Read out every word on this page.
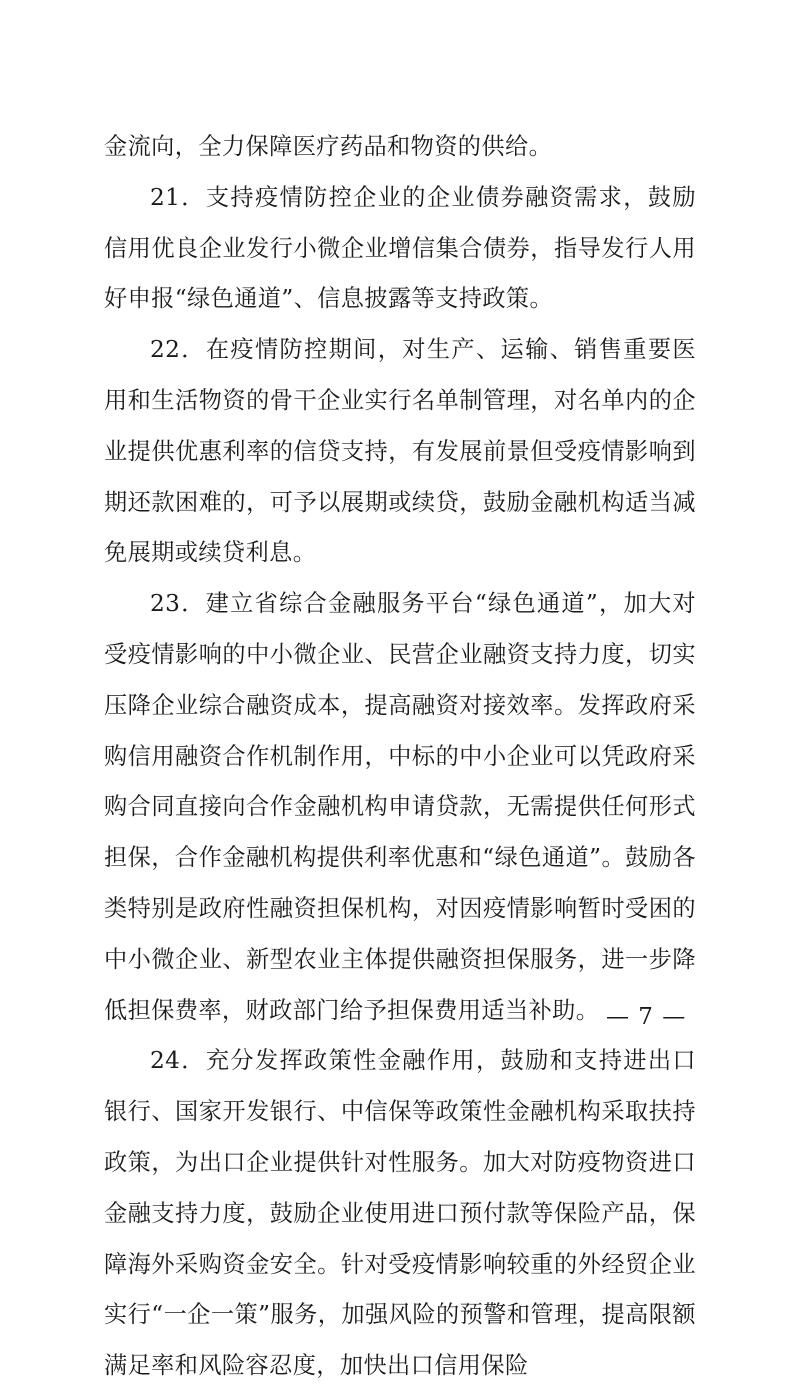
金流向，全力保障医疗药品和物资的供给。

21．支持疫情防控企业的企业债券融资需求，鼓励信用优良企业发行小微企业增信集合债券，指导发行人用好申报“绿色通道”、信息披露等支持政策。

22．在疫情防控期间，对生产、运输、销售重要医用和生活物资的骨干企业实行名单制管理，对名单内的企业提供优惠利率的信贷支持，有发展前景但受疫情影响到期还款困难的，可予以展期或续贷，鼓励金融机构适当减免展期或续贷利息。

23．建立省综合金融服务平台“绿色通道”，加大对受疫情影响的中小微企业、民营企业融资支持力度，切实压降企业综合融资成本，提高融资对接效率。发挥政府采购信用融资合作机制作用，中标的中小企业可以凭政府采购合同直接向合作金融机构申请贷款，无需提供任何形式担保，合作金融机构提供利率优惠和“绿色通道”。鼓励各类特别是政府性融资担保机构，对因疫情影响暂时受困的中小微企业、新型农业主体提供融资担保服务，进一步降低担保费率，财政部门给予担保费用适当补助。

24．充分发挥政策性金融作用，鼓励和支持进出口银行、国家开发银行、中信保等政策性金融机构采取扶持政策，为出口企业提供针对性服务。加大对防疫物资进口金融支持力度，鼓励企业使用进口预付款等保险产品，保障海外采购资金安全。针对受疫情影响较重的外经贸企业实行“一企一策”服务，加强风险的预警和管理，提高限额满足率和风险容忍度，加快出口信用保险

— 7 —
